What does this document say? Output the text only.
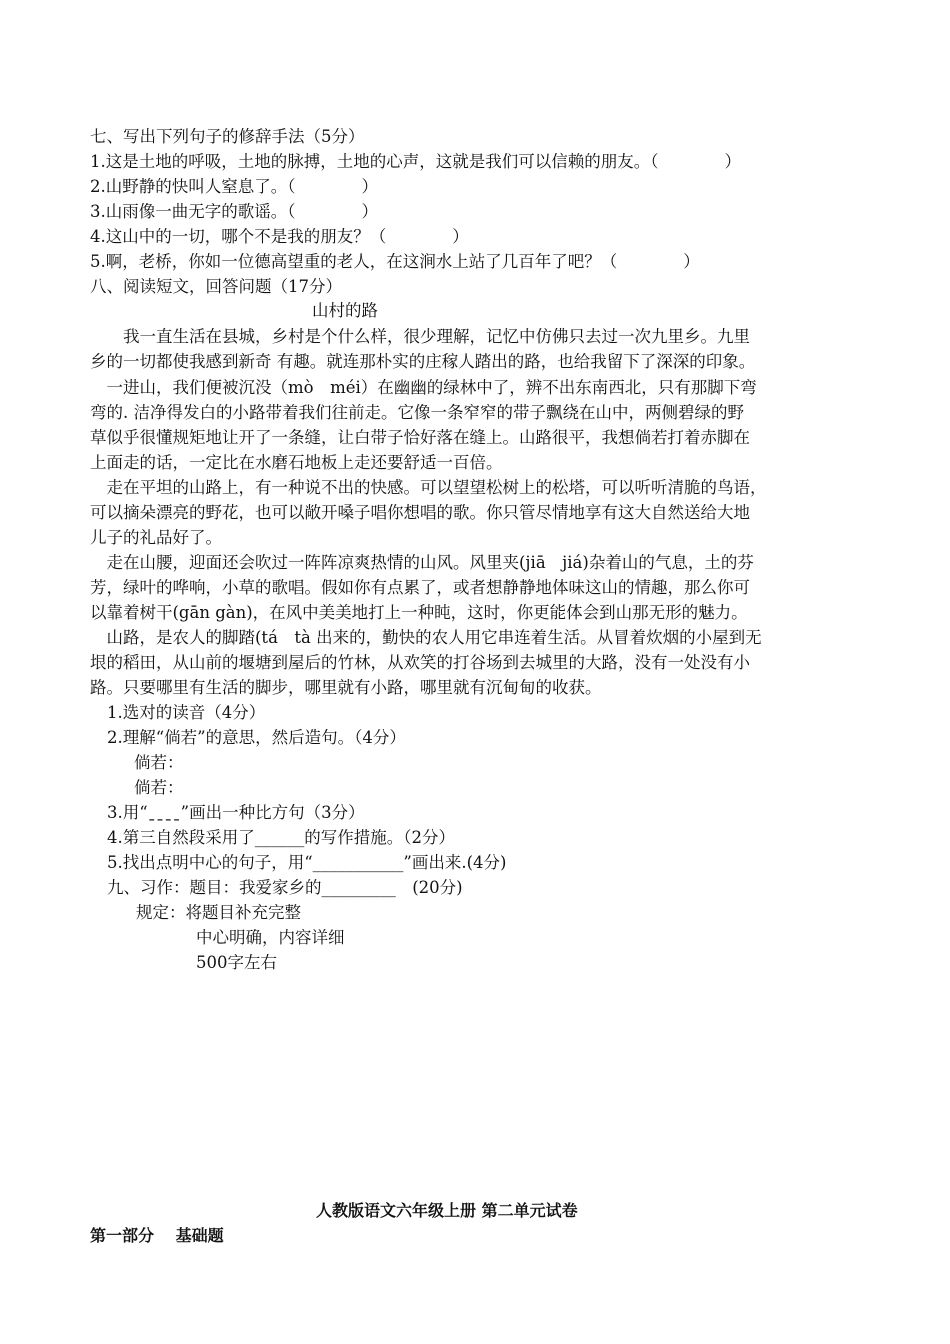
七、写出下列句子的修辞手法（5分）
1.这是土地的呼吸，土地的脉搏，土地的心声，这就是我们可以信赖的朋友。（　　　　）
2.山野静的快叫人窒息了。（　　　　）
3.山雨像一曲无字的歌谣。（　　　　）
4.这山中的一切，哪个不是我的朋友？（　　　　）
5.啊，老桥，你如一位德高望重的老人，在这涧水上站了几百年了吧？（　　　　）
八、阅读短文，回答问题（17分）
山村的路
　　我一直生活在县城，乡村是个什么样，很少理解，记忆中仿佛只去过一次九里乡。九里
乡的一切都使我感到新奇 有趣。就连那朴实的庄稼人踏出的路，也给我留下了深深的印象。
　一进山，我们便被沉没（mò　méi）在幽幽的绿林中了，辨不出东南西北，只有那脚下弯
弯的. 洁净得发白的小路带着我们往前走。它像一条窄窄的带子飘绕在山中，两侧碧绿的野
草似乎很懂规矩地让开了一条缝，让白带子恰好落在缝上。山路很平，我想倘若打着赤脚在
上面走的话，一定比在水磨石地板上走还要舒适一百倍。
　走在平坦的山路上，有一种说不出的快感。可以望望松树上的松塔，可以听听清脆的鸟语，
可以摘朵漂亮的野花，也可以敞开嗓子唱你想唱的歌。你只管尽情地享有这大自然送给大地
儿子的礼品好了。
　走在山腰，迎面还会吹过一阵阵凉爽热情的山风。风里夹(jiā　jiá)杂着山的气息，土的芬
芳，绿叶的哗响，小草的歌唱。假如你有点累了，或者想静静地体味这山的情趣，那么你可
以靠着树干(gān gàn)，在风中美美地打上一种盹，这时，你更能体会到山那无形的魅力。
　山路，是农人的脚踏(tá　tà 出来的，勤快的农人用它串连着生活。从冒着炊烟的小屋到无
垠的稻田，从山前的堰塘到屋后的竹林，从欢笑的打谷场到去城里的大路，没有一处没有小
路。只要哪里有生活的脚步，哪里就有小路，哪里就有沉甸甸的收获。
1.选对的读音（4分）
2.理解“倘若”的意思，然后造句。（4分）
倘若：
倘若：
3.用“ˍˍˍˍ”画出一种比方句（3分）
4.第三自然段采用了______的写作措施。（2分）
5.找出点明中心的句子，用“___________”画出来.(4分)
九、习作：题目：我爱家乡的_________　(20分)
规定：将题目补充完整
中心明确，内容详细
500字左右
人教版语文六年级上册 第二单元试卷
第一部分　 基础题
